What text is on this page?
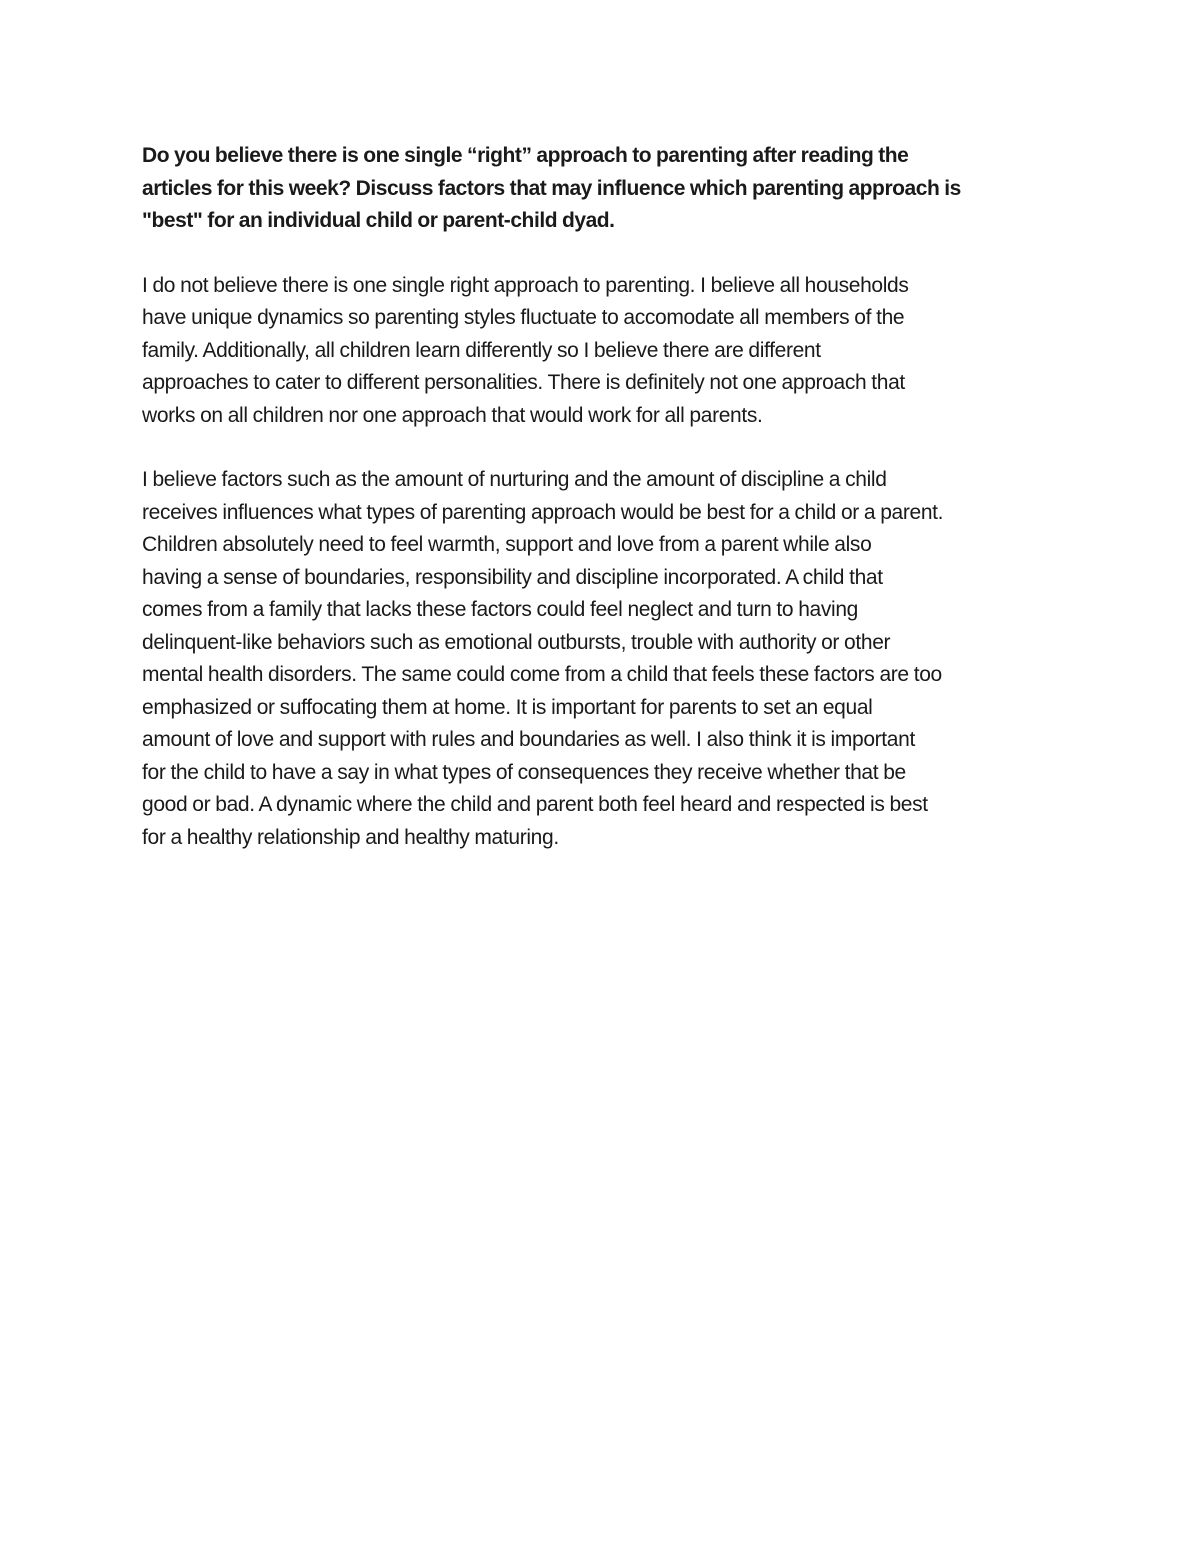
Do you believe there is one single “right” approach to parenting after reading the
articles for this week? Discuss factors that may influence which parenting approach is
"best" for an individual child or parent-child dyad.
I do not believe there is one single right approach to parenting. I believe all households
have unique dynamics so parenting styles fluctuate to accomodate all members of the
family. Additionally, all children learn differently so I believe there are different
approaches to cater to different personalities. There is definitely not one approach that
works on all children nor one approach that would work for all parents.
I believe factors such as the amount of nurturing and the amount of discipline a child
receives influences what types of parenting approach would be best for a child or a parent.
Children absolutely need to feel warmth, support and love from a parent while also
having a sense of boundaries, responsibility and discipline incorporated. A child that
comes from a family that lacks these factors could feel neglect and turn to having
delinquent-like behaviors such as emotional outbursts, trouble with authority or other
mental health disorders. The same could come from a child that feels these factors are too
emphasized or suffocating them at home. It is important for parents to set an equal
amount of love and support with rules and boundaries as well. I also think it is important
for the child to have a say in what types of consequences they receive whether that be
good or bad. A dynamic where the child and parent both feel heard and respected is best
for a healthy relationship and healthy maturing.
